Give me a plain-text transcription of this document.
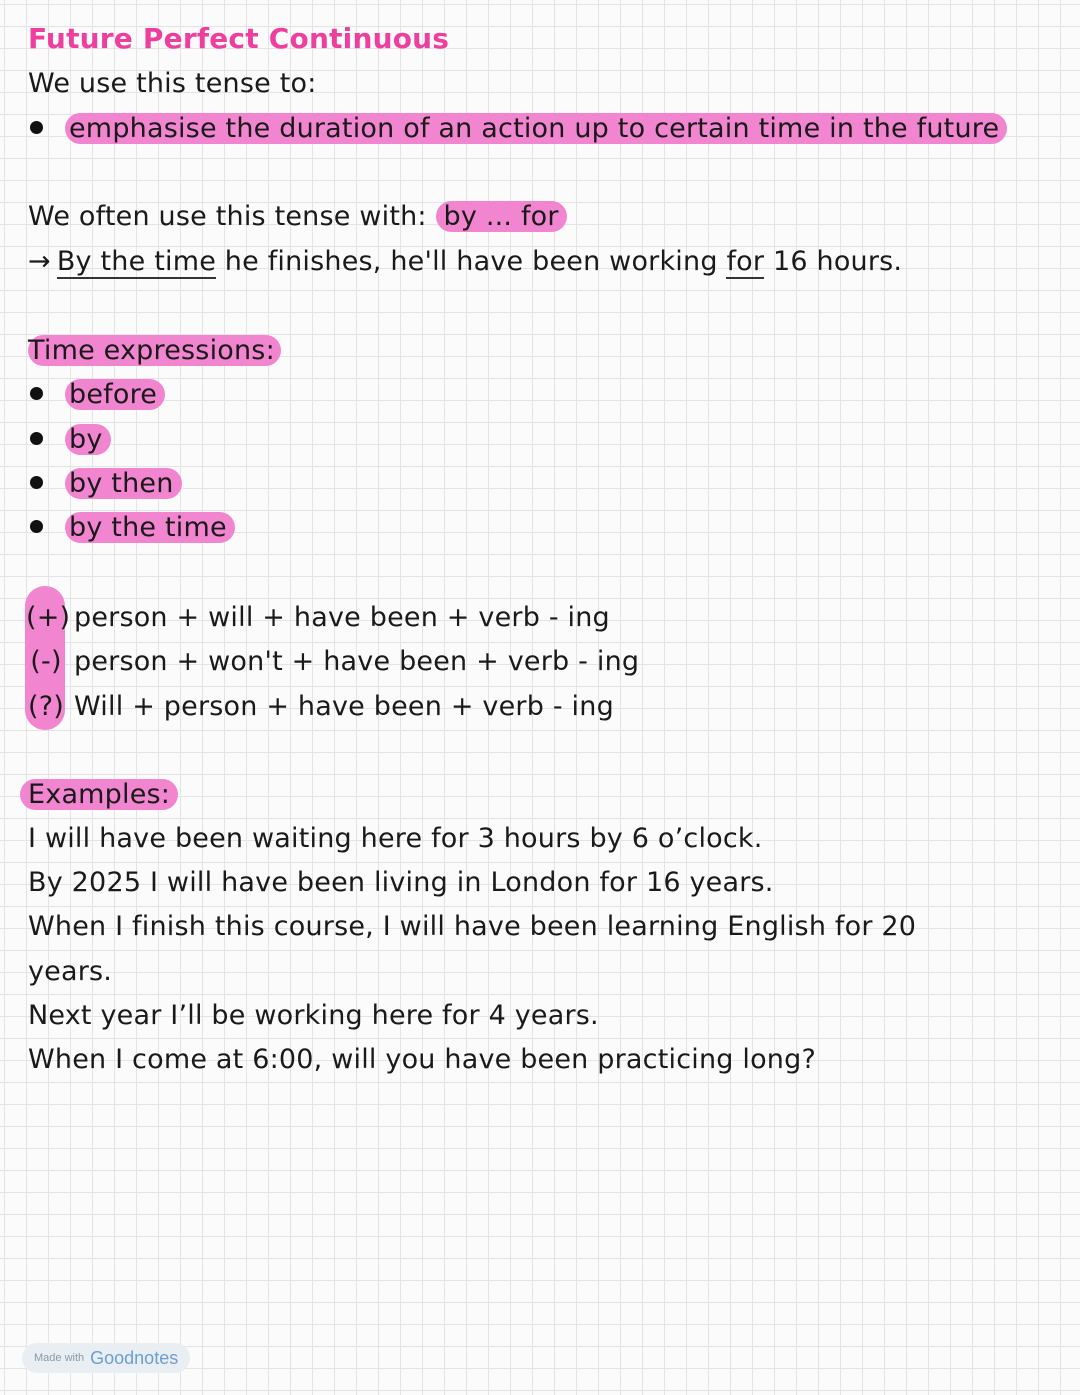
Future Perfect Continuous
We use this tense to:
emphasise the duration of an action up to certain time in the future
We often use this tense with: by ... for
→ By the time he finishes, he'll have been working for 16 hours.
Time expressions:
before
by
by then
by the time
(+) person + will + have been + verb - ing
(-) person + won't + have been + verb - ing
(?) Will + person + have been + verb - ing
Examples:
I will have been waiting here for 3 hours by 6 o’clock.
By 2025 I will have been living in London for 16 years.
When I finish this course, I will have been learning English for 20
years.
Next year I’ll be working here for 4 years.
When I come at 6:00, will you have been practicing long?
Made with Goodnotes
